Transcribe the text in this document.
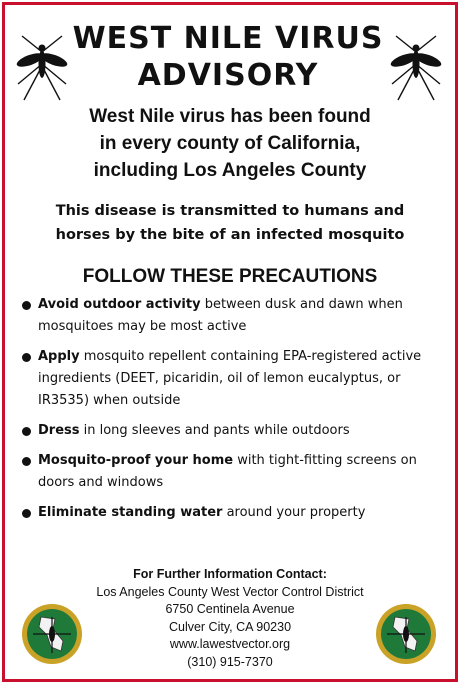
WEST NILE VIRUS
ADVISORY
West Nile virus has been found
in every county of California,
including Los Angeles County
This disease is transmitted to humans and
horses by the bite of an infected mosquito
FOLLOW THESE PRECAUTIONS
Avoid outdoor activity between dusk and dawn when mosquitoes may be most active
Apply mosquito repellent containing EPA-registered active ingredients (DEET, picaridin, oil of lemon eucalyptus, or IR3535) when outside
Dress in long sleeves and pants while outdoors
Mosquito-proof your home with tight-fitting screens on doors and windows
Eliminate standing water around your property
For Further Information Contact:
Los Angeles County West Vector Control District
6750 Centinela Avenue
Culver City, CA 90230
www.lawestvector.org
(310) 915-7370
